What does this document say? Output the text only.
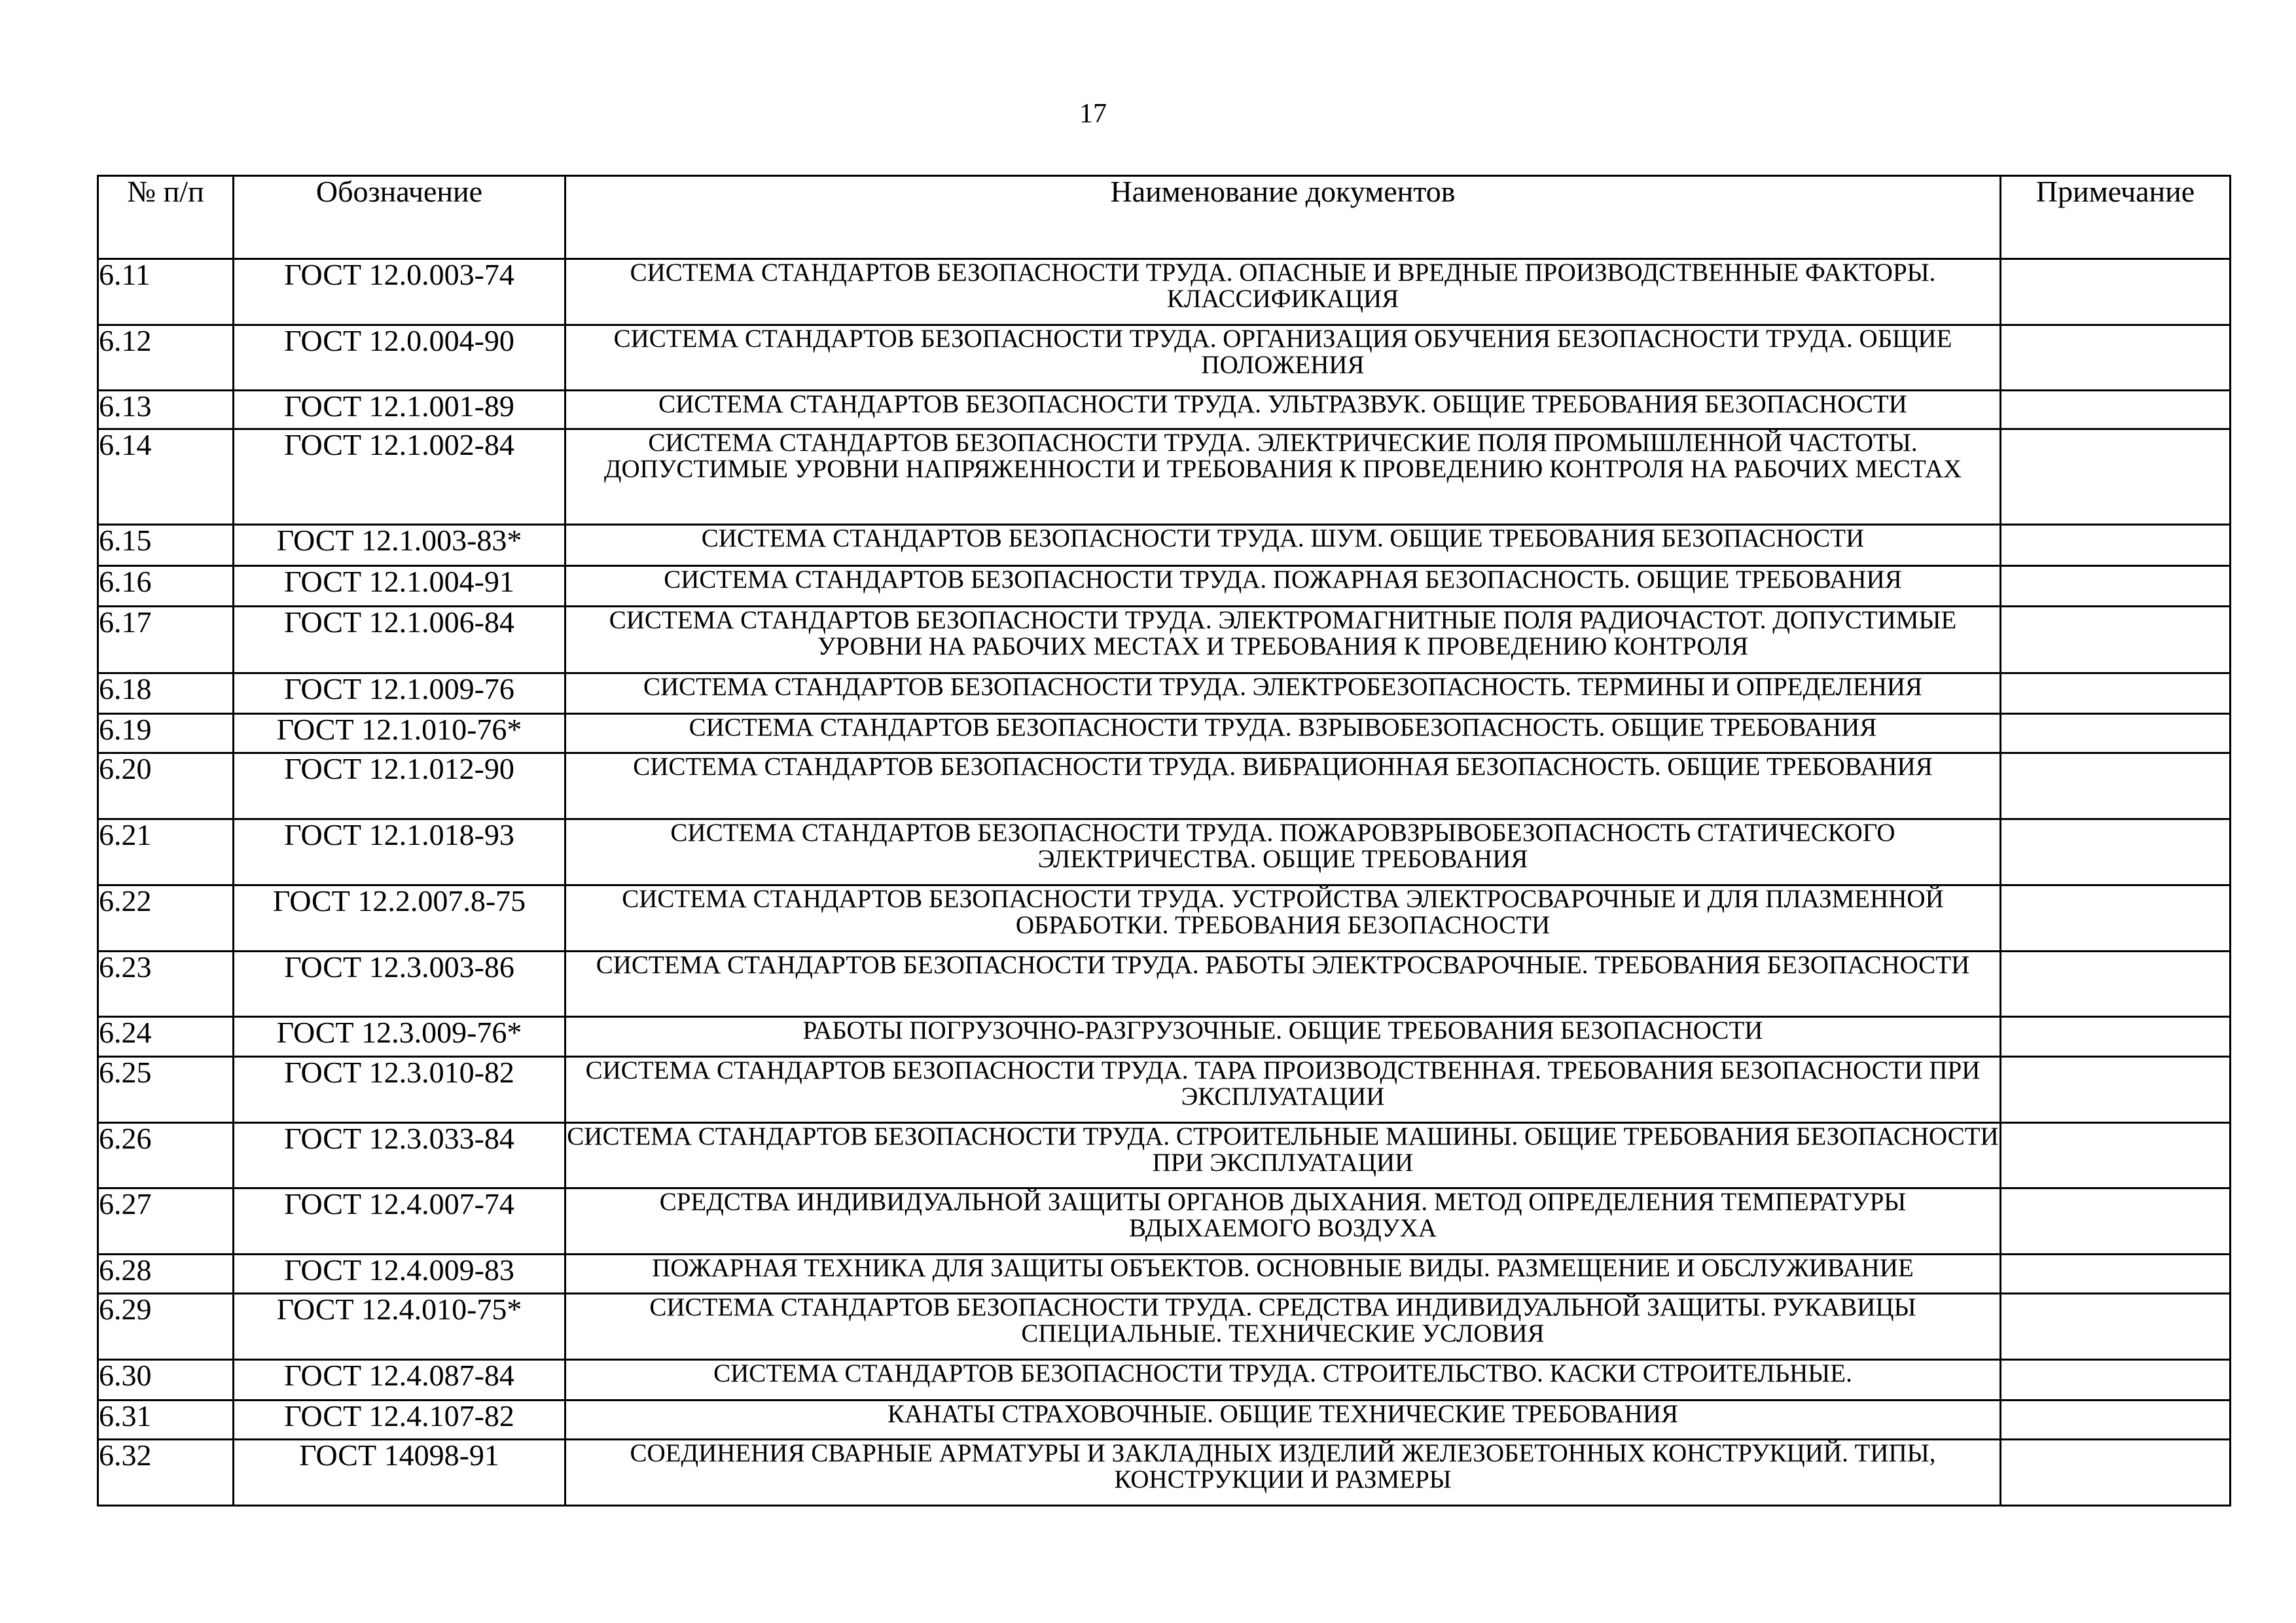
17
№ п/п	Обозначение	Наименование документов	Примечание
6.11	ГОСТ 12.0.003-74	СИСТЕМА СТАНДАРТОВ БЕЗОПАСНОСТИ ТРУДА. ОПАСНЫЕ И ВРЕДНЫЕ ПРОИЗВОДСТВЕННЫЕ ФАКТОРЫ. КЛАССИФИКАЦИЯ	
6.12	ГОСТ 12.0.004-90	СИСТЕМА СТАНДАРТОВ БЕЗОПАСНОСТИ ТРУДА. ОРГАНИЗАЦИЯ ОБУЧЕНИЯ БЕЗОПАСНОСТИ ТРУДА. ОБЩИЕ ПОЛОЖЕНИЯ	
6.13	ГОСТ 12.1.001-89	СИСТЕМА СТАНДАРТОВ БЕЗОПАСНОСТИ ТРУДА. УЛЬТРАЗВУК. ОБЩИЕ ТРЕБОВАНИЯ БЕЗОПАСНОСТИ	
6.14	ГОСТ 12.1.002-84	СИСТЕМА СТАНДАРТОВ БЕЗОПАСНОСТИ ТРУДА. ЭЛЕКТРИЧЕСКИЕ ПОЛЯ ПРОМЫШЛЕННОЙ ЧАСТОТЫ. ДОПУСТИМЫЕ УРОВНИ НАПРЯЖЕННОСТИ И ТРЕБОВАНИЯ К ПРОВЕДЕНИЮ КОНТРОЛЯ НА РАБОЧИХ МЕСТАХ	
6.15	ГОСТ 12.1.003-83*	СИСТЕМА СТАНДАРТОВ БЕЗОПАСНОСТИ ТРУДА. ШУМ. ОБЩИЕ ТРЕБОВАНИЯ БЕЗОПАСНОСТИ	
6.16	ГОСТ 12.1.004-91	СИСТЕМА СТАНДАРТОВ БЕЗОПАСНОСТИ ТРУДА. ПОЖАРНАЯ БЕЗОПАСНОСТЬ. ОБЩИЕ ТРЕБОВАНИЯ	
6.17	ГОСТ 12.1.006-84	СИСТЕМА СТАНДАРТОВ БЕЗОПАСНОСТИ ТРУДА. ЭЛЕКТРОМАГНИТНЫЕ ПОЛЯ РАДИОЧАСТОТ. ДОПУСТИМЫЕ УРОВНИ НА РАБОЧИХ МЕСТАХ И ТРЕБОВАНИЯ К ПРОВЕДЕНИЮ КОНТРОЛЯ	
6.18	ГОСТ 12.1.009-76	СИСТЕМА СТАНДАРТОВ БЕЗОПАСНОСТИ ТРУДА. ЭЛЕКТРОБЕЗОПАСНОСТЬ. ТЕРМИНЫ И ОПРЕДЕЛЕНИЯ	
6.19	ГОСТ 12.1.010-76*	СИСТЕМА СТАНДАРТОВ БЕЗОПАСНОСТИ ТРУДА. ВЗРЫВОБЕЗОПАСНОСТЬ. ОБЩИЕ ТРЕБОВАНИЯ	
6.20	ГОСТ 12.1.012-90	СИСТЕМА СТАНДАРТОВ БЕЗОПАСНОСТИ ТРУДА. ВИБРАЦИОННАЯ БЕЗОПАСНОСТЬ. ОБЩИЕ ТРЕБОВАНИЯ	
6.21	ГОСТ 12.1.018-93	СИСТЕМА СТАНДАРТОВ БЕЗОПАСНОСТИ ТРУДА. ПОЖАРОВЗРЫВОБЕЗОПАСНОСТЬ СТАТИЧЕСКОГО ЭЛЕКТРИЧЕСТВА. ОБЩИЕ ТРЕБОВАНИЯ	
6.22	ГОСТ 12.2.007.8-75	СИСТЕМА СТАНДАРТОВ БЕЗОПАСНОСТИ ТРУДА. УСТРОЙСТВА ЭЛЕКТРОСВАРОЧНЫЕ И ДЛЯ ПЛАЗМЕННОЙ ОБРАБОТКИ. ТРЕБОВАНИЯ БЕЗОПАСНОСТИ	
6.23	ГОСТ 12.3.003-86	СИСТЕМА СТАНДАРТОВ БЕЗОПАСНОСТИ ТРУДА. РАБОТЫ ЭЛЕКТРОСВАРОЧНЫЕ. ТРЕБОВАНИЯ БЕЗОПАСНОСТИ	
6.24	ГОСТ 12.3.009-76*	РАБОТЫ ПОГРУЗОЧНО-РАЗГРУЗОЧНЫЕ. ОБЩИЕ ТРЕБОВАНИЯ БЕЗОПАСНОСТИ	
6.25	ГОСТ 12.3.010-82	СИСТЕМА СТАНДАРТОВ БЕЗОПАСНОСТИ ТРУДА. ТАРА ПРОИЗВОДСТВЕННАЯ. ТРЕБОВАНИЯ БЕЗОПАСНОСТИ ПРИ ЭКСПЛУАТАЦИИ	
6.26	ГОСТ 12.3.033-84	СИСТЕМА СТАНДАРТОВ БЕЗОПАСНОСТИ ТРУДА. СТРОИТЕЛЬНЫЕ МАШИНЫ. ОБЩИЕ ТРЕБОВАНИЯ БЕЗОПАСНОСТИ ПРИ ЭКСПЛУАТАЦИИ	
6.27	ГОСТ 12.4.007-74	СРЕДСТВА ИНДИВИДУАЛЬНОЙ ЗАЩИТЫ ОРГАНОВ ДЫХАНИЯ. МЕТОД ОПРЕДЕЛЕНИЯ ТЕМПЕРАТУРЫ ВДЫХАЕМОГО ВОЗДУХА	
6.28	ГОСТ 12.4.009-83	ПОЖАРНАЯ ТЕХНИКА ДЛЯ ЗАЩИТЫ ОБЪЕКТОВ. ОСНОВНЫЕ ВИДЫ. РАЗМЕЩЕНИЕ И ОБСЛУЖИВАНИЕ	
6.29	ГОСТ 12.4.010-75*	СИСТЕМА СТАНДАРТОВ БЕЗОПАСНОСТИ ТРУДА. СРЕДСТВА ИНДИВИДУАЛЬНОЙ ЗАЩИТЫ. РУКАВИЦЫ СПЕЦИАЛЬНЫЕ. ТЕХНИЧЕСКИЕ УСЛОВИЯ	
6.30	ГОСТ 12.4.087-84	СИСТЕМА СТАНДАРТОВ БЕЗОПАСНОСТИ ТРУДА. СТРОИТЕЛЬСТВО. КАСКИ СТРОИТЕЛЬНЫЕ.	
6.31	ГОСТ 12.4.107-82	КАНАТЫ СТРАХОВОЧНЫЕ. ОБЩИЕ ТЕХНИЧЕСКИЕ ТРЕБОВАНИЯ	
6.32	ГОСТ 14098-91	СОЕДИНЕНИЯ СВАРНЫЕ АРМАТУРЫ И ЗАКЛАДНЫХ ИЗДЕЛИЙ ЖЕЛЕЗОБЕТОННЫХ КОНСТРУКЦИЙ. ТИПЫ, КОНСТРУКЦИИ И РАЗМЕРЫ	
